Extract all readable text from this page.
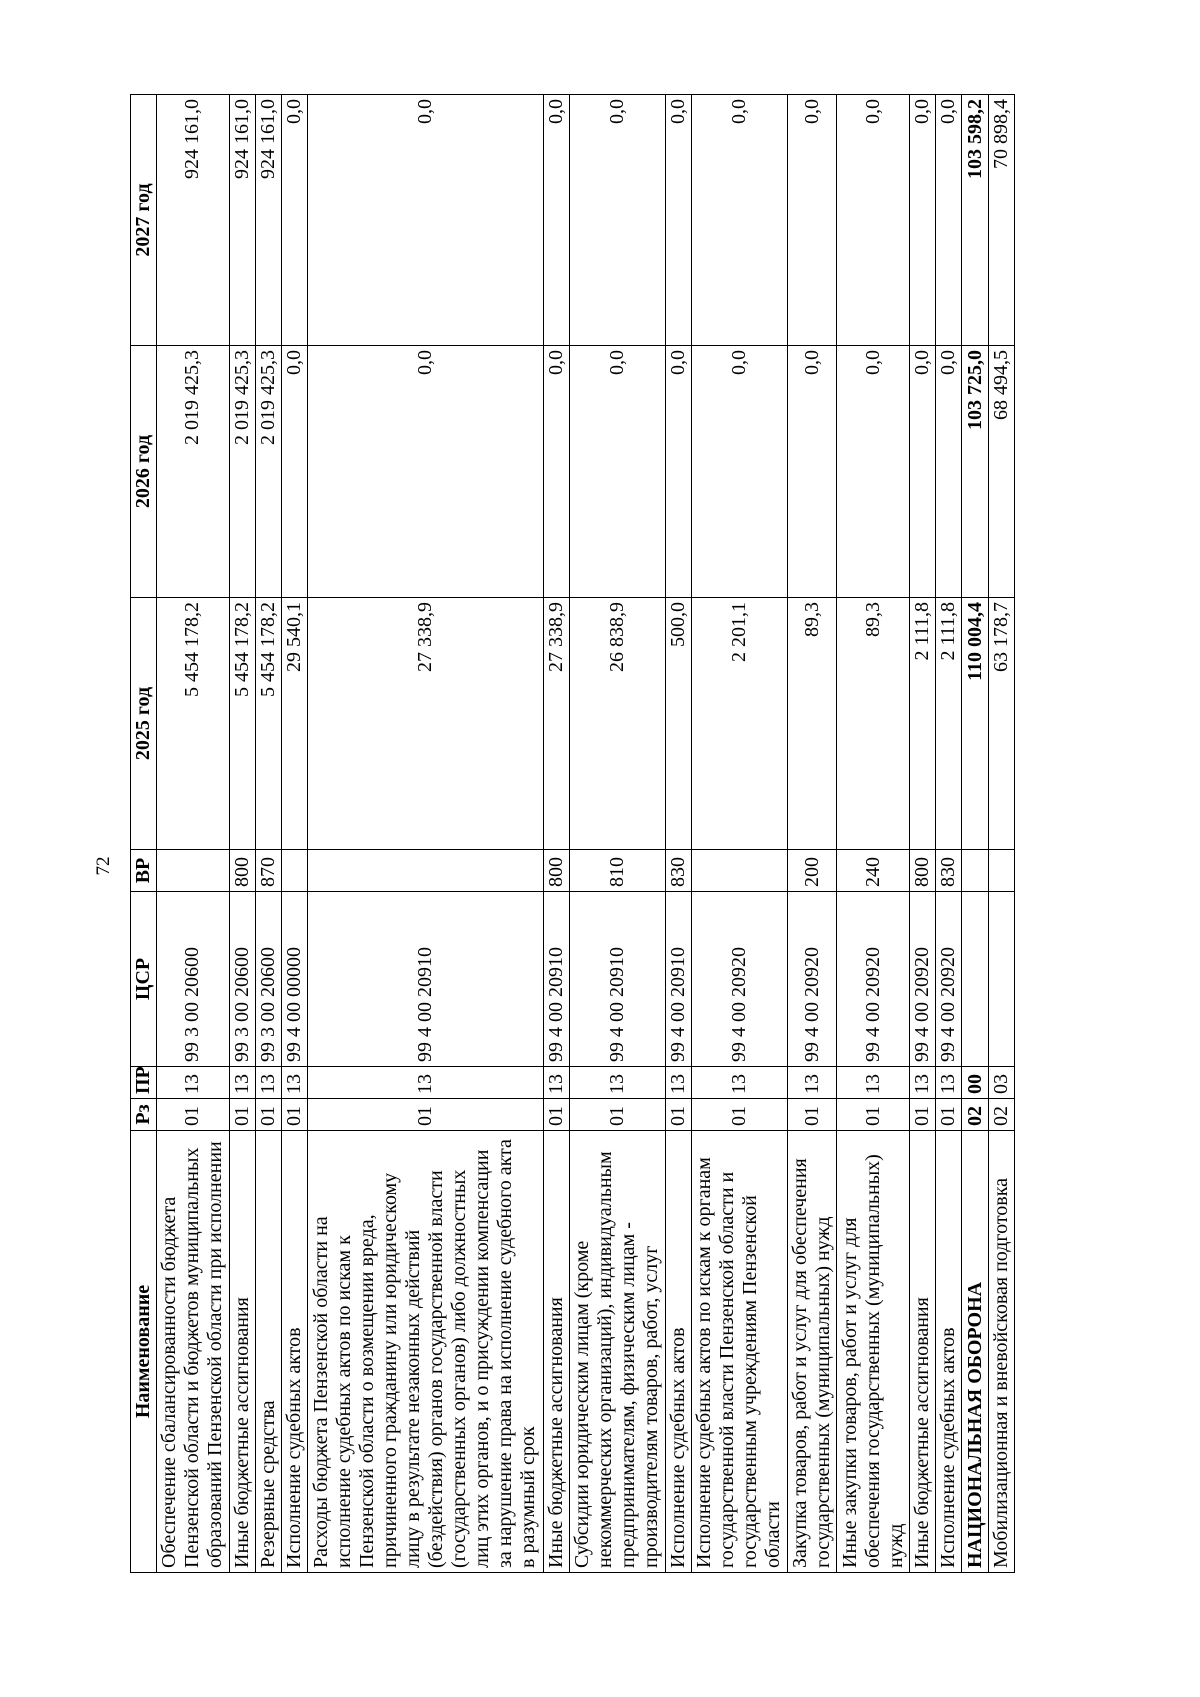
72
Наименование	Рз	ПР	ЦСР	ВР	2025 год	2026 год	2027 год
Обеспечение сбалансированности бюджета Пензенской области и бюджетов муниципальных образований Пензенской области при исполнении	01	13	99 3 00 20600		5 454 178,2	2 019 425,3	924 161,0
Иные бюджетные ассигнования	01	13	99 3 00 20600	800	5 454 178,2	2 019 425,3	924 161,0
Резервные средства	01	13	99 3 00 20600	870	5 454 178,2	2 019 425,3	924 161,0
Исполнение судебных актов	01	13	99 4 00 00000		29 540,1	0,0	0,0
Расходы бюджета Пензенской области на исполнение судебных актов по искам к Пензенской области о возмещении вреда, причиненного гражданину или юридическому лицу в результате незаконных действий (бездействия) органов государственной власти (государственных органов) либо должностных лиц этих органов, и о присуждении компенсации за нарушение права на исполнение судебного акта в разумный срок	01	13	99 4 00 20910		27 338,9	0,0	0,0
Иные бюджетные ассигнования	01	13	99 4 00 20910	800	27 338,9	0,0	0,0
Субсидии юридическим лицам (кроме некоммерческих организаций), индивидуальным предпринимателям, физическим лицам - производителям товаров, работ, услуг	01	13	99 4 00 20910	810	26 838,9	0,0	0,0
Исполнение судебных актов	01	13	99 4 00 20910	830	500,0	0,0	0,0
Исполнение судебных актов по искам к органам государственной власти Пензенской области и государственным учреждениям Пензенской области	01	13	99 4 00 20920		2 201,1	0,0	0,0
Закупка товаров, работ и услуг для обеспечения государственных (муниципальных) нужд	01	13	99 4 00 20920	200	89,3	0,0	0,0
Иные закупки товаров, работ и услуг для обеспечения государственных (муниципальных) нужд	01	13	99 4 00 20920	240	89,3	0,0	0,0
Иные бюджетные ассигнования	01	13	99 4 00 20920	800	2 111,8	0,0	0,0
Исполнение судебных актов	01	13	99 4 00 20920	830	2 111,8	0,0	0,0
НАЦИОНАЛЬНАЯ ОБОРОНА	02	00			110 004,4	103 725,0	103 598,2
Мобилизационная и вневойсковая подготовка	02	03			63 178,7	68 494,5	70 898,4
